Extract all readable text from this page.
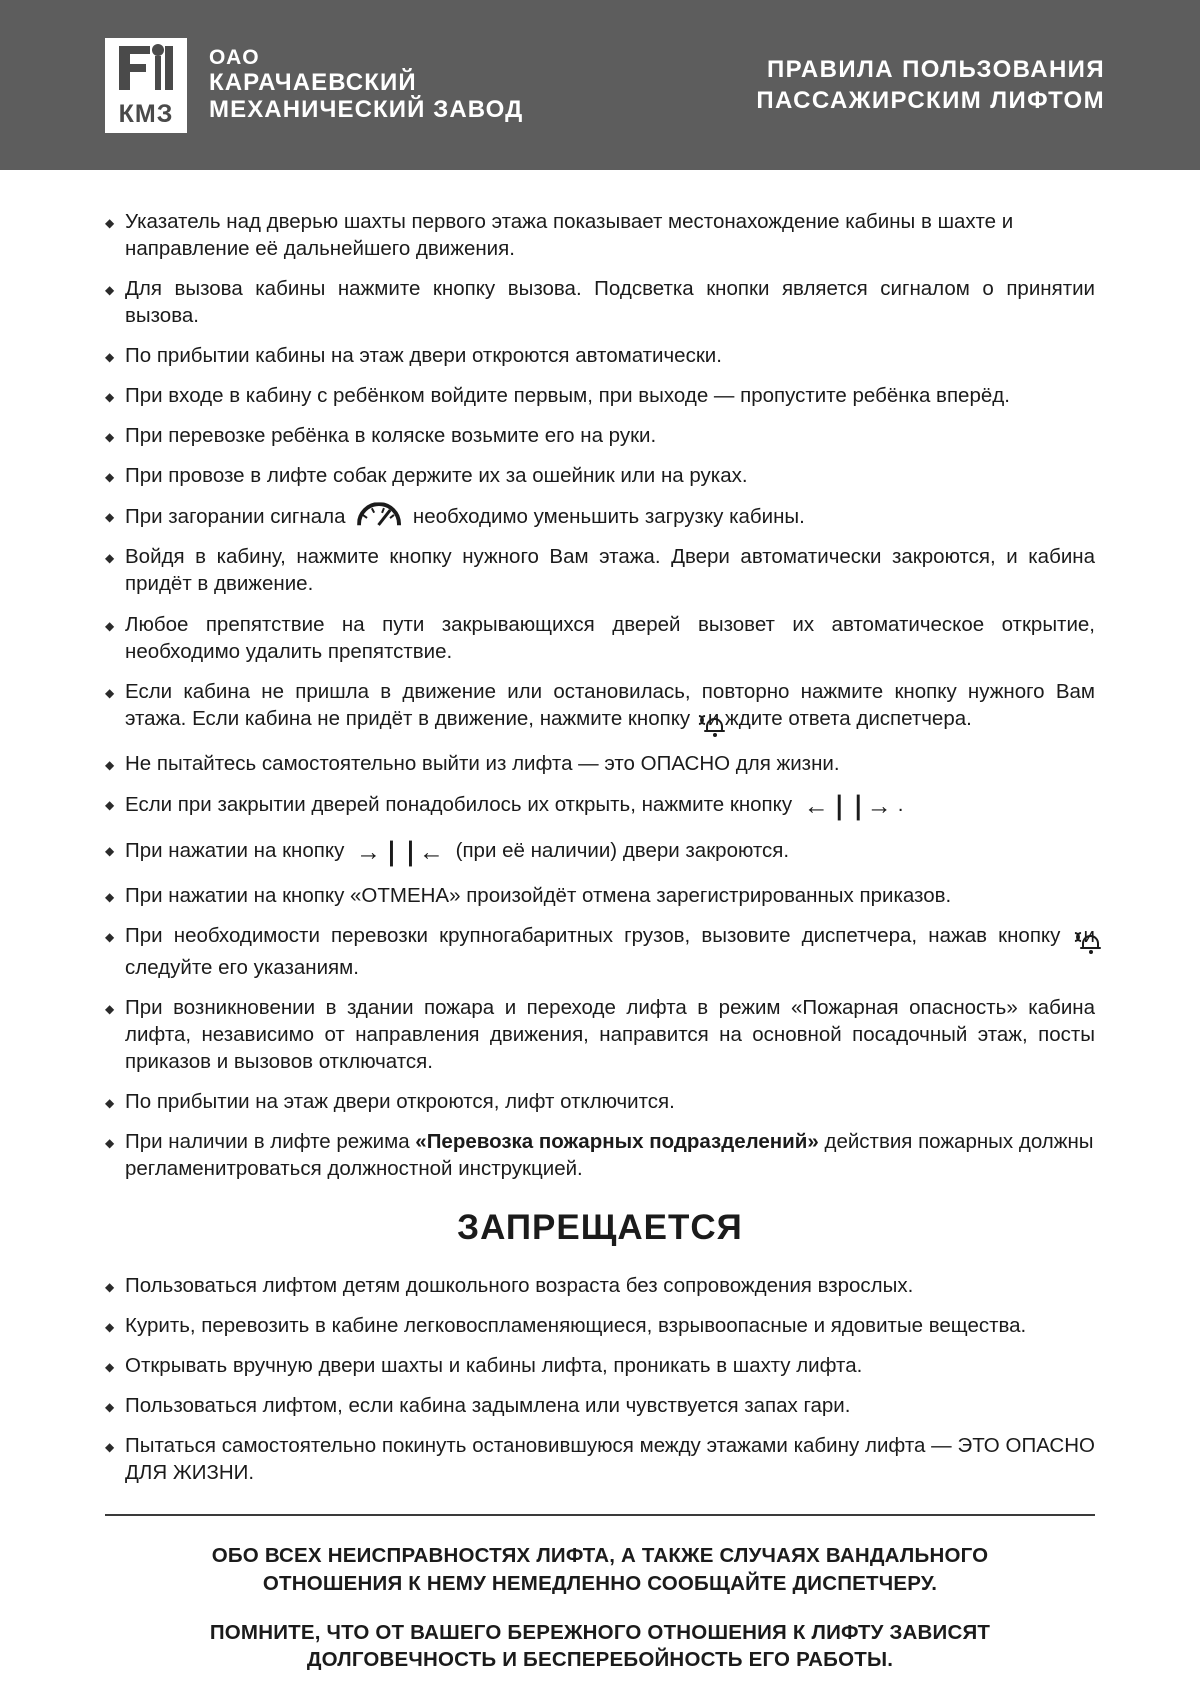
КМЗ
ОАО
КАРАЧАЕВСКИЙ
МЕХАНИЧЕСКИЙ ЗАВОД
ПРАВИЛА ПОЛЬЗОВАНИЯ
ПАССАЖИРСКИМ ЛИФТОМ
◆
Указатель над дверью шахты первого этажа показывает местонахождение кабины в шахте и направление её дальнейшего движения.
◆
Для вызова кабины нажмите кнопку вызова. Подсветка кнопки является сигналом о принятии вызова.
◆
По прибытии кабины на этаж двери откроются автоматически.
◆
При входе в кабину с ребёнком войдите первым, при выходе — пропустите ребёнка вперёд.
◆
При перевозке ребёнка в коляске возьмите его на руки.
◆
При провозе в лифте собак держите их за ошейник или на руках.
◆
При загорании сигнала	необходимо уменьшить загрузку кабины.
◆
Войдя в кабину, нажмите кнопку нужного Вам этажа. Двери автоматически закроются, и кабина придёт в движение.
◆
Любое препятствие на пути закрывающихся дверей вызовет их автоматическое открытие, необходимо удалить препятствие.
◆
Если кабина не пришла в движение или остановилась, повторно нажмите кнопку нужного Вам этажа. Если кабина не придёт в движение, нажмите кнопку
и ждите ответа диспетчера.
◆
Не пытайтесь самостоятельно выйти из лифта — это ОПАСНО для жизни.
◆
Если при закрытии дверей понадобилось их открыть, нажмите кнопку ←❘❘→ .
◆
При нажатии на кнопку →❘❘← (при её наличии) двери закроются.
◆
При нажатии на кнопку «ОТМЕНА» произойдёт отмена зарегистрированных приказов.
◆
При необходимости перевозки крупногабаритных грузов, вызовите диспетчера, нажав кнопку
и следуйте его указаниям.
◆
При возникновении в здании пожара и переходе лифта в режим «Пожарная опасность» кабина лифта, независимо от направления движения, направится на основной посадочный этаж, посты приказов и вызовов отключатся.
◆
По прибытии на этаж двери откроются, лифт отключится.
◆
При наличии в лифте режима «Перевозка пожарных подразделений» действия пожарных должны регламенитроваться должностной инструкцией.
ЗАПРЕЩАЕТСЯ
◆
Пользоваться лифтом детям дошкольного возраста без сопровождения взрослых.
◆
Курить, перевозить в кабине легковоспламеняющиеся, взрывоопасные и ядовитые вещества.
◆
Открывать вручную двери шахты и кабины лифта, проникать в шахту лифта.
◆
Пользоваться лифтом, если кабина задымлена или чувствуется запах гари.
◆
Пытаться самостоятельно покинуть остановившуюся между этажами кабину лифта — ЭТО ОПАСНО ДЛЯ ЖИЗНИ.

ОБО ВСЕХ НЕИСПРАВНОСТЯХ ЛИФТА, А ТАКЖЕ СЛУЧАЯХ ВАНДАЛЬНОГО
ОТНОШЕНИЯ К НЕМУ НЕМЕДЛЕННО СООБЩАЙТЕ ДИСПЕТЧЕРУ.

ПОМНИТЕ, ЧТО ОТ ВАШЕГО БЕРЕЖНОГО ОТНОШЕНИЯ К ЛИФТУ ЗАВИСЯТ
ДОЛГОВЕЧНОСТЬ И БЕСПЕРЕБОЙНОСТЬ ЕГО РАБОТЫ.
